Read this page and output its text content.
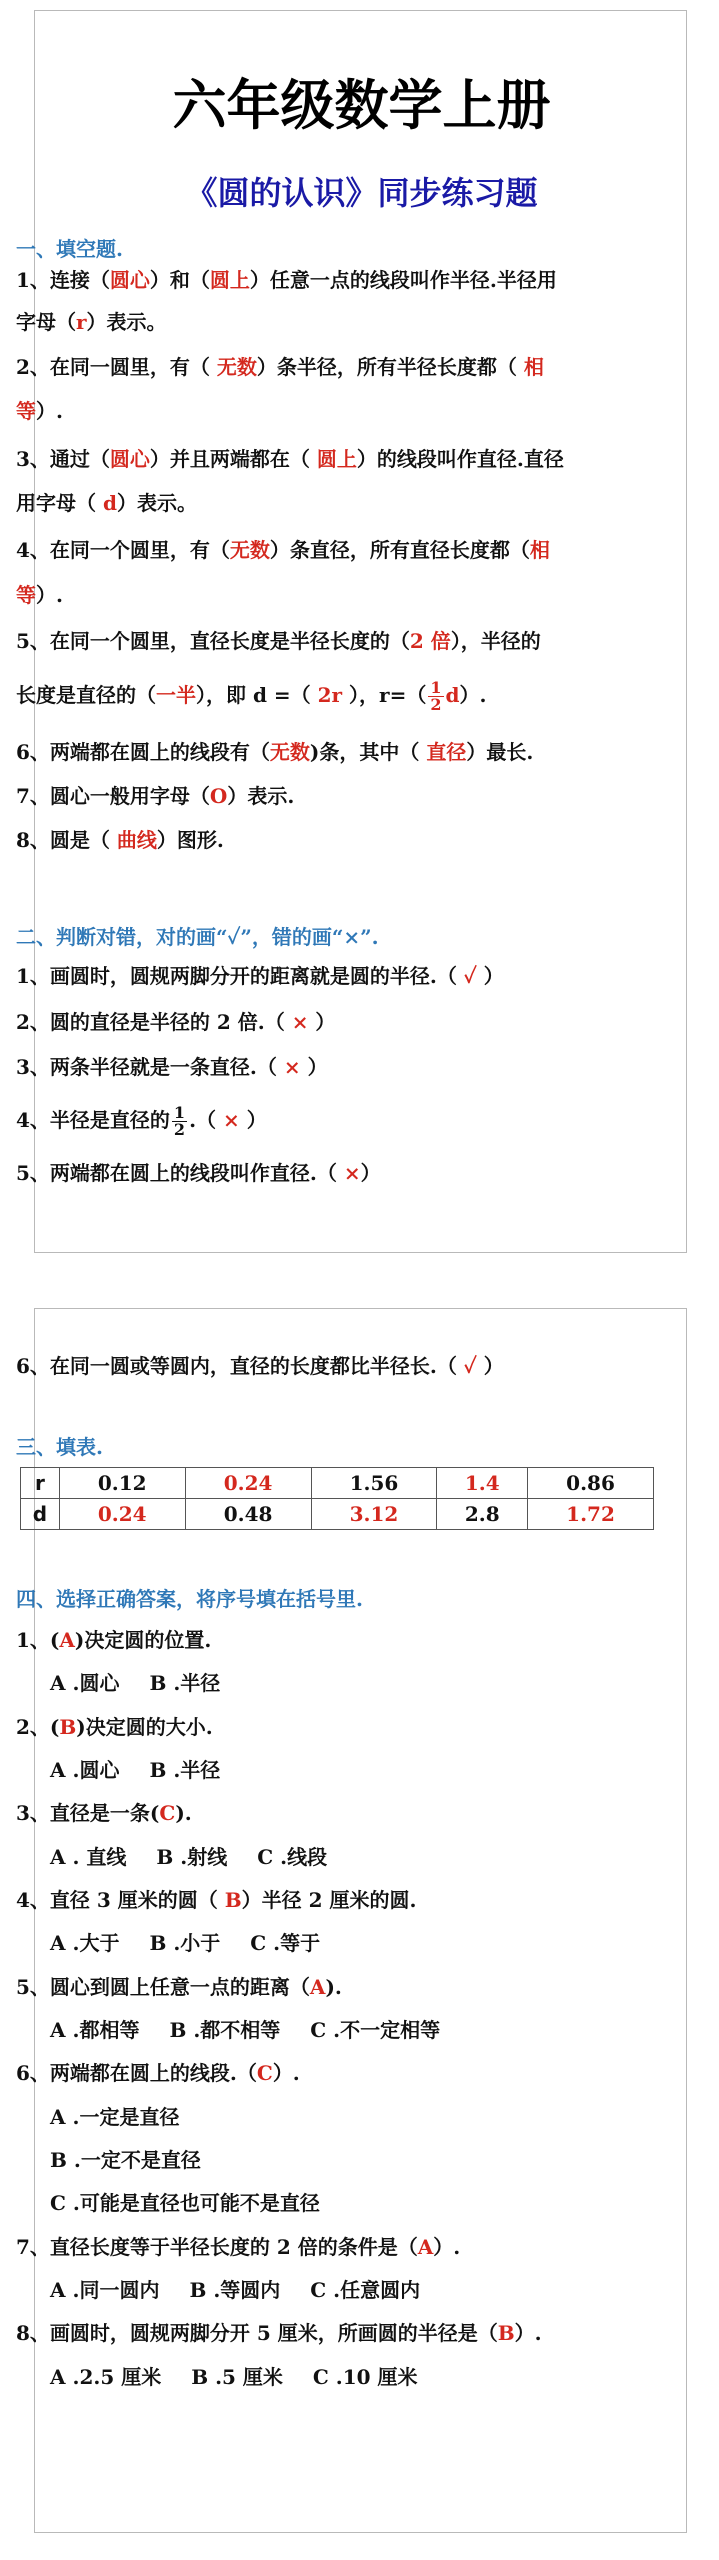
六年级数学上册
《圆的认识》同步练习题
一、填空题.
1、连接（圆心）和（圆上）任意一点的线段叫作半径.半径用
字母（r）表示。
2、在同一圆里，有（ 无数）条半径，所有半径长度都（ 相
等）.
3、通过（圆心）并且两端都在（ 圆上）的线段叫作直径.直径
用字母（ d）表示。
4、在同一个圆里，有（无数）条直径，所有直径长度都（相
等）.
5、在同一个圆里，直径长度是半径长度的（2 倍），半径的
长度是直径的（一半），即 d =（ 2r ），$r=( \frac{1}{2} d)$.
6、两端都在圆上的线段有（无数)条，其中（ 直径）最长.
7、圆心一般用字母（O）表示.
8、圆是（ 曲线）图形.
二、判断对错，对的画“✓”，错的画“×”.
1、画圆时，圆规两脚分开的距离就是圆的半径.（ ✓ ）
2、圆的直径是半径的 2 倍.（ × ）
3、两条半径就是一条直径.（ × ）
4、半径是直径的 $\frac{1}{2}$ .（ × ）
5、两端都在圆上的线段叫作直径.（ ×）
6、在同一圆或等圆内，直径的长度都比半径长.（ ✓ ）
三、填表.
r	0.12	0.24	1.56	1.4	0.86
d	0.24	0.48	3.12	2.8	1.72
四、选择正确答案，将序号填在括号里.
1、(A)决定圆的位置.
A .圆心 B .半径
2、(B)决定圆的大小.
A .圆心 B .半径
3、直径是一条(C).
A . 直线 B .射线 C .线段
4、直径 3 厘米的圆（ B）半径 2 厘米的圆.
A .大于 B .小于 C .等于
5、圆心到圆上任意一点的距离（A).
A .都相等 B .都不相等 C .不一定相等
6、两端都在圆上的线段.（C）.
A .一定是直径
B .一定不是直径
C .可能是直径也可能不是直径
7、直径长度等于半径长度的 2 倍的条件是（A）.
A .同一圆内 B .等圆内 C .任意圆内
8、画圆时，圆规两脚分开 5 厘米，所画圆的半径是（B）.
A .2.5 厘米 B .5 厘米 C .10 厘米
